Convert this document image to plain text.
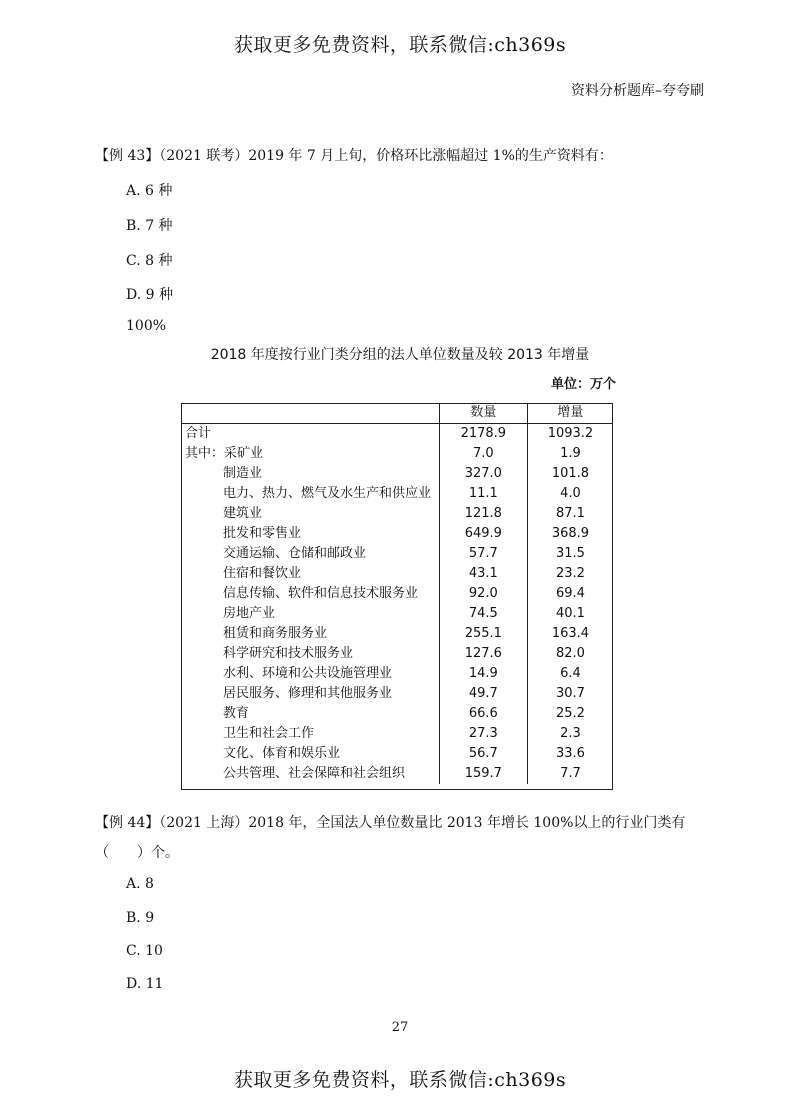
获取更多免费资料，联系微信:ch369s
资料分析题库–夸夸刷
【例 43】（2021 联考）2019 年 7 月上旬，价格环比涨幅超过 1%的生产资料有：
A. 6 种
B. 7 种
C. 8 种
D. 9 种
100%
2018 年度按行业门类分组的法人单位数量及较 2013 年增量
单位：万个
	数量	增量
合计	2178.9	1093.2
其中：采矿业	7.0	1.9
制造业	327.0	101.8
电力、热力、燃气及水生产和供应业	11.1	4.0
建筑业	121.8	87.1
批发和零售业	649.9	368.9
交通运输、仓储和邮政业	57.7	31.5
住宿和餐饮业	43.1	23.2
信息传输、软件和信息技术服务业	92.0	69.4
房地产业	74.5	40.1
租赁和商务服务业	255.1	163.4
科学研究和技术服务业	127.6	82.0
水利、环境和公共设施管理业	14.9	6.4
居民服务、修理和其他服务业	49.7	30.7
教育	66.6	25.2
卫生和社会工作	27.3	2.3
文化、体育和娱乐业	56.7	33.6
公共管理、社会保障和社会组织	159.7	7.7
【例 44】（2021 上海）2018 年，全国法人单位数量比 2013 年增长 100%以上的行业门类有（　　）个。
A. 8
B. 9
C. 10
D. 11
27
获取更多免费资料，联系微信:ch369s
